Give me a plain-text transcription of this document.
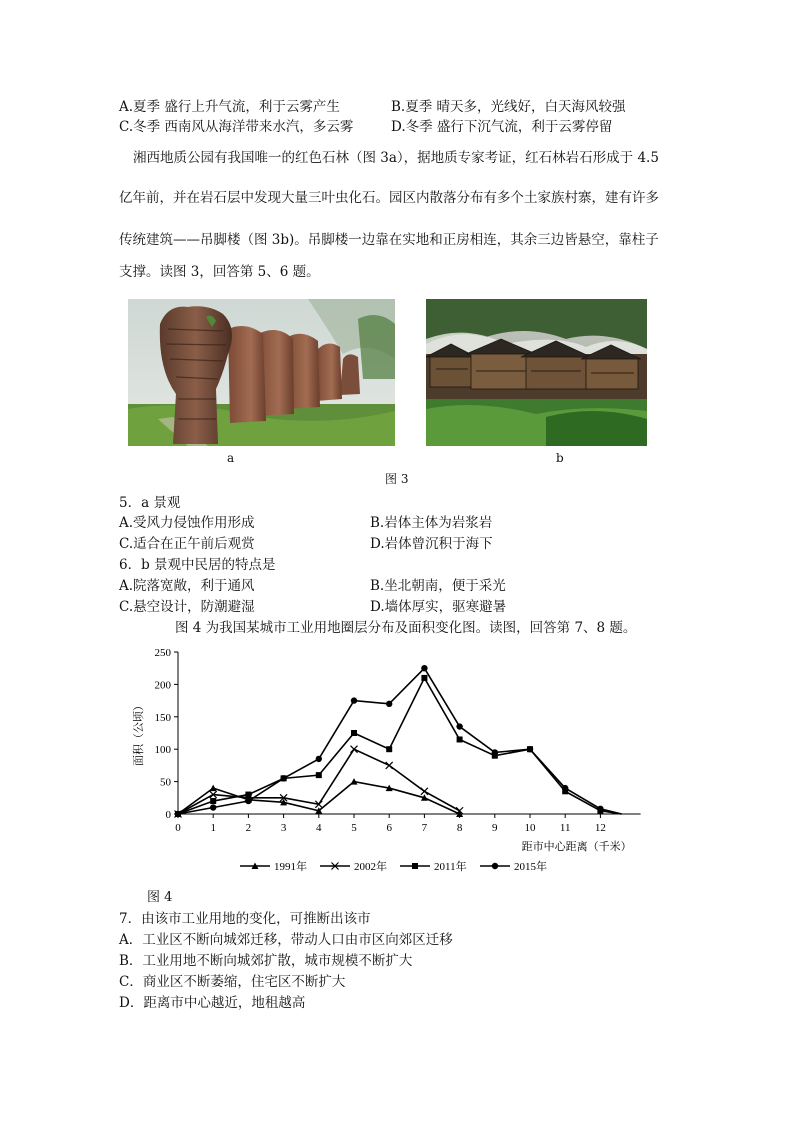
A.夏季 盛行上升气流，利于云雾产生	B.夏季 晴天多，光线好，白天海风较强
C.冬季 西南风从海洋带来水汽，多云雾	D.冬季 盛行下沉气流，利于云雾停留
湘西地质公园有我国唯一的红色石林（图 3a），据地质专家考证，红石林岩石形成于 4.5
亿年前，并在岩石层中发现大量三叶虫化石。园区内散落分布有多个土家族村寨，建有许多
传统建筑——吊脚楼（图 3b)。吊脚楼一边靠在实地和正房相连，其余三边皆悬空，靠柱子
支撑。读图 3，回答第 5、6 题。
a	b
图 3
5．a 景观
A.受风力侵蚀作用形成	B.岩体主体为岩浆岩
C.适合在正午前后观赏	D.岩体曾沉积于海下
6．b 景观中民居的特点是
A.院落宽敞，利于通风	B.坐北朝南，便于采光
C.悬空设计，防潮避湿	D.墙体厚实，驱寒避暑
图 4 为我国某城市工业用地圈层分布及面积变化图。读图，回答第 7、8 题。
0
50
100
150
200
250
0	1	2	3	4	5	6	7	8	9 10 11 12
距市中心距离（千米）
面积（公顷）
1991年	2002年	2011年	2015年
图 4
7．由该市工业用地的变化，可推断出该市
A．工业区不断向城郊迁移，带动人口由市区向郊区迁移
B．工业用地不断向城郊扩散，城市规模不断扩大
C．商业区不断萎缩，住宅区不断扩大
D．距离市中心越近，地租越高
